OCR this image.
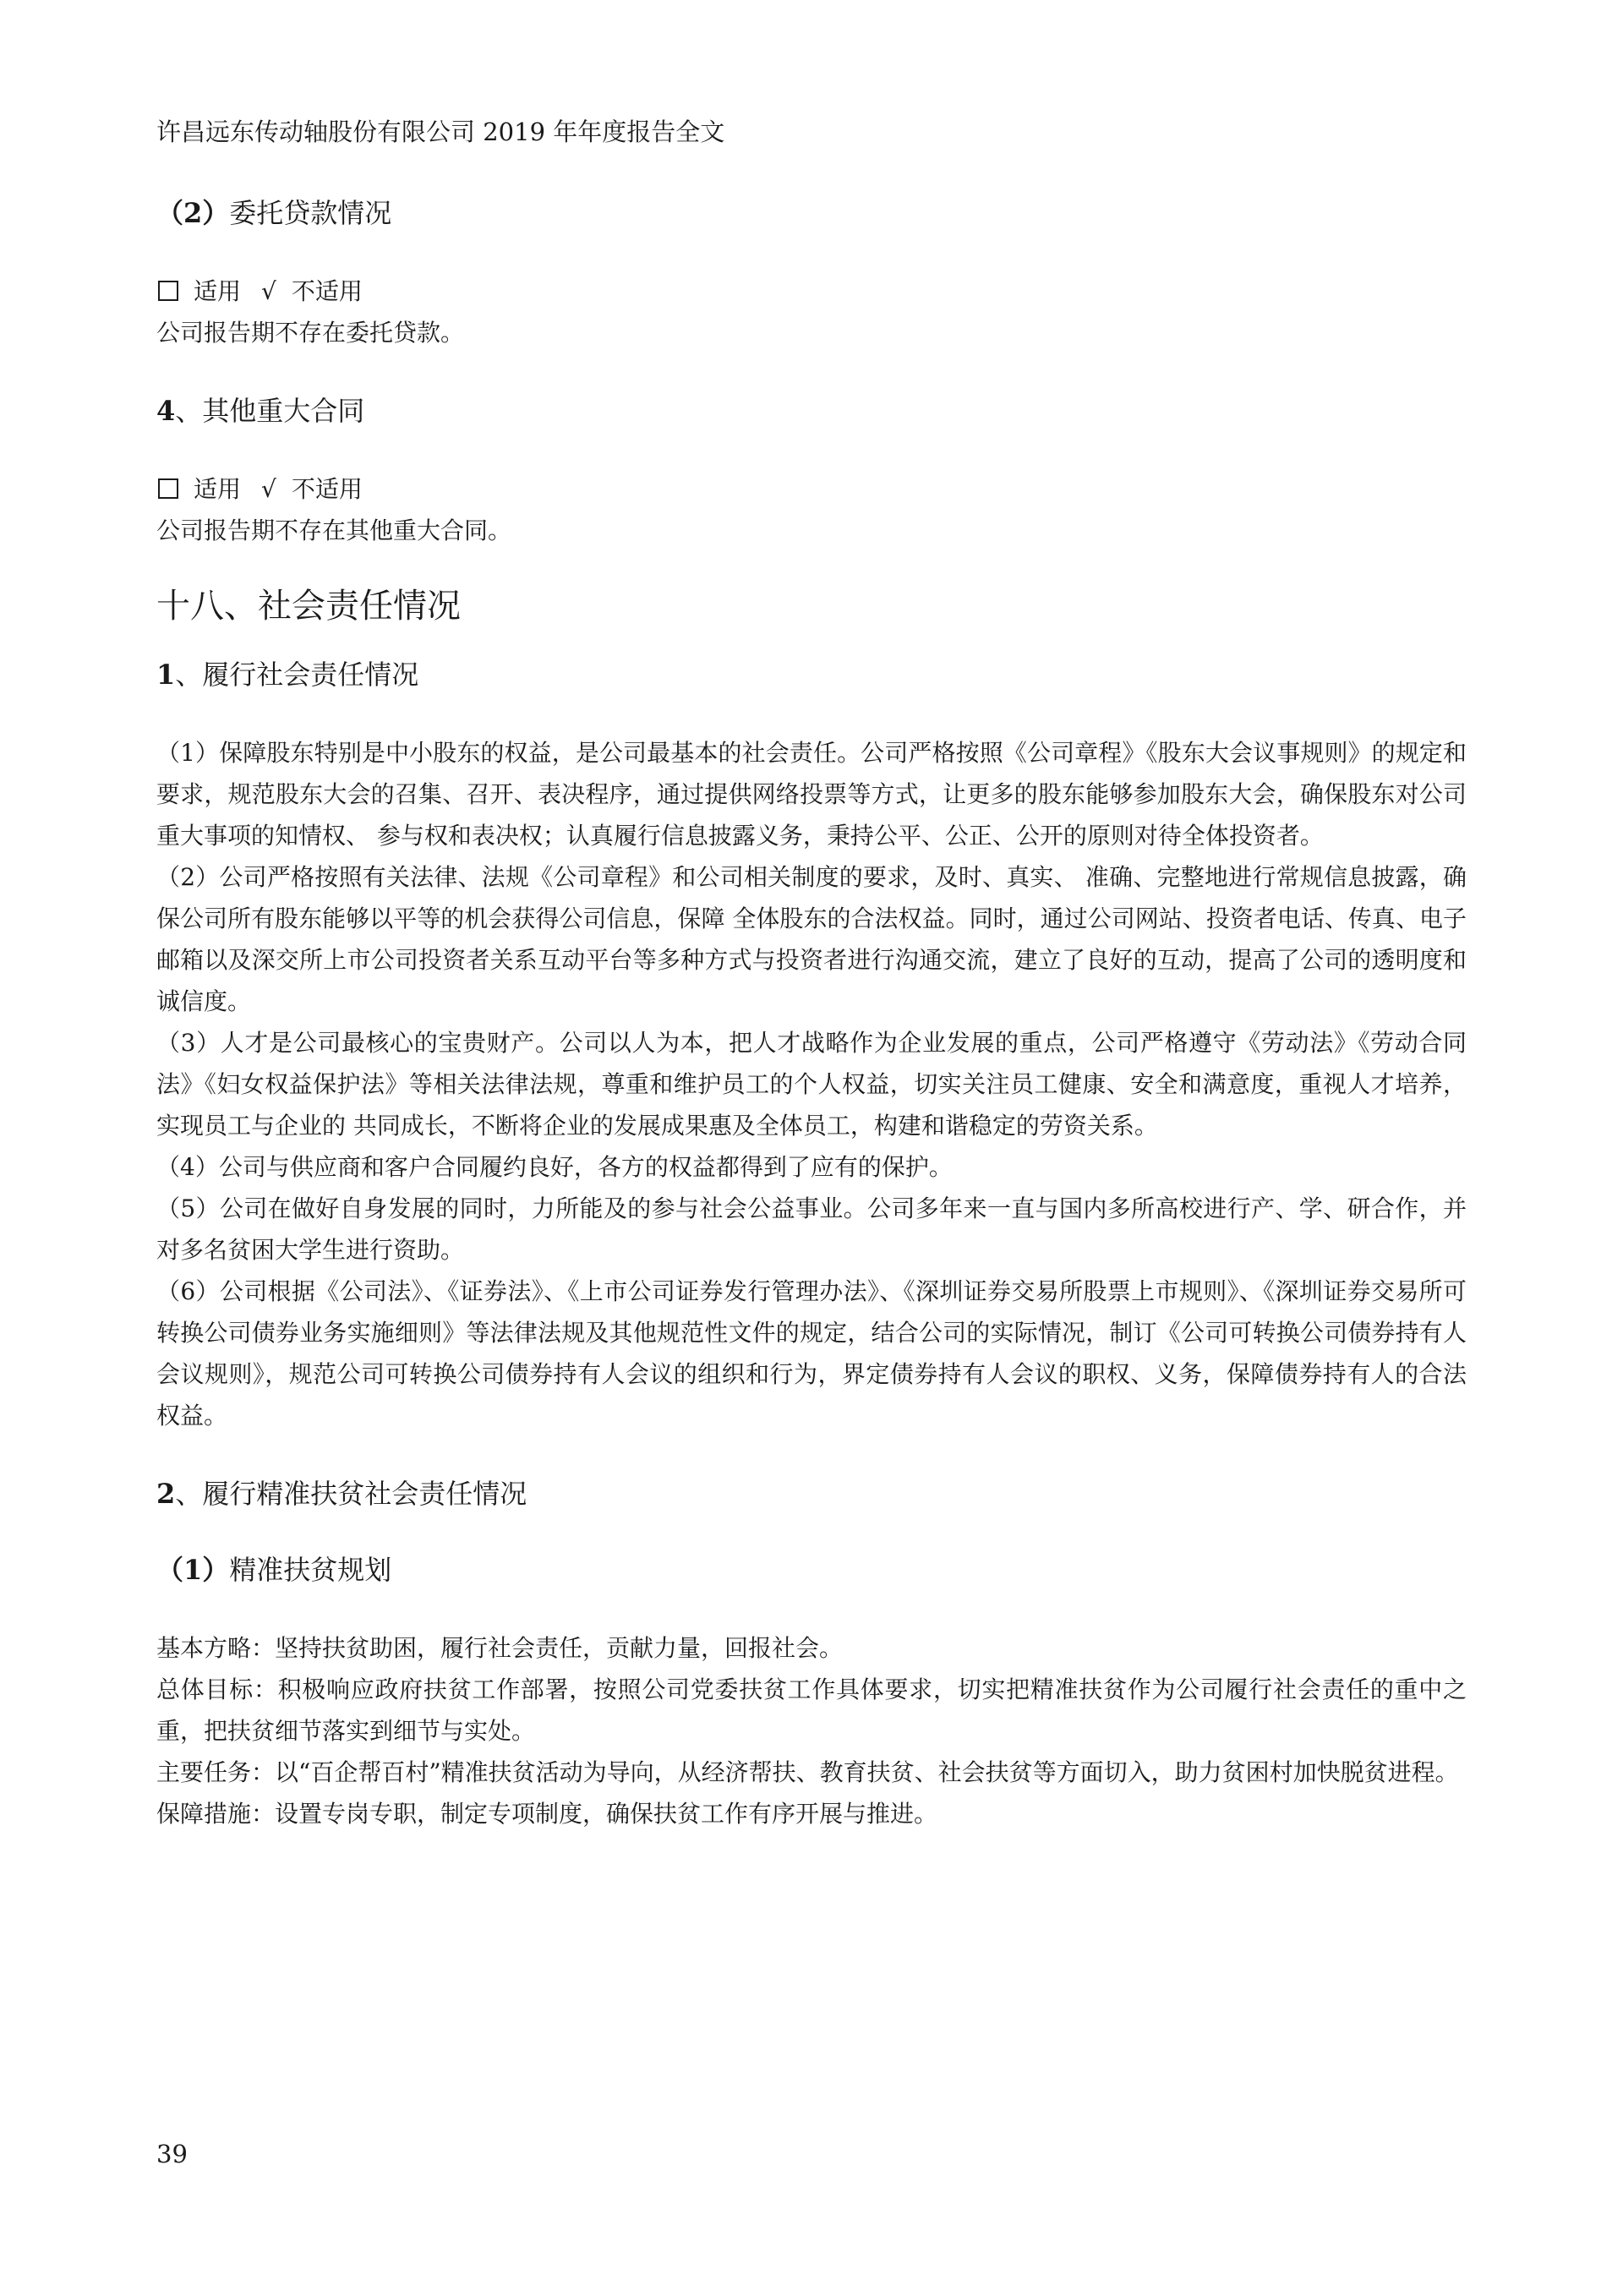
许昌远东传动轴股份有限公司 2019 年年度报告全文
（2）委托贷款情况
适用 √ 不适用
公司报告期不存在委托贷款。
4、其他重大合同
适用 √ 不适用
公司报告期不存在其他重大合同。
十八、社会责任情况
1、履行社会责任情况
（1）保障股东特别是中小股东的权益，是公司最基本的社会责任。公司严格按照《公司章程》《股东大会议事规则》的规定和要求，规范股东大会的召集、召开、表决程序，通过提供网络投票等方式，让更多的股东能够参加股东大会，确保股东对公司重大事项的知情权、 参与权和表决权；认真履行信息披露义务，秉持公平、公正、公开的原则对待全体投资者。
（2）公司严格按照有关法律、法规《公司章程》和公司相关制度的要求，及时、真实、 准确、完整地进行常规信息披露，确保公司所有股东能够以平等的机会获得公司信息，保障 全体股东的合法权益。同时，通过公司网站、投资者电话、传真、电子邮箱以及深交所上市公司投资者关系互动平台等多种方式与投资者进行沟通交流，建立了良好的互动，提高了公司的透明度和诚信度。
（3）人才是公司最核心的宝贵财产。公司以人为本，把人才战略作为企业发展的重点，公司严格遵守《劳动法》《劳动合同法》《妇女权益保护法》等相关法律法规，尊重和维护员工的个人权益，切实关注员工健康、安全和满意度，重视人才培养，实现员工与企业的 共同成长，不断将企业的发展成果惠及全体员工，构建和谐稳定的劳资关系。
（4）公司与供应商和客户合同履约良好，各方的权益都得到了应有的保护。
（5）公司在做好自身发展的同时，力所能及的参与社会公益事业。公司多年来一直与国内多所高校进行产、学、研合作，并对多名贫困大学生进行资助。
（6）公司根据《公司法》、《证券法》、《上市公司证券发行管理办法》、《深圳证券交易所股票上市规则》、《深圳证券交易所可转换公司债券业务实施细则》等法律法规及其他规范性文件的规定，结合公司的实际情况，制订《公司可转换公司债券持有人会议规则》，规范公司可转换公司债券持有人会议的组织和行为，界定债券持有人会议的职权、义务，保障债券持有人的合法权益。
2、履行精准扶贫社会责任情况
（1）精准扶贫规划
基本方略：坚持扶贫助困，履行社会责任，贡献力量，回报社会。
总体目标：积极响应政府扶贫工作部署，按照公司党委扶贫工作具体要求，切实把精准扶贫作为公司履行社会责任的重中之重，把扶贫细节落实到细节与实处。
主要任务：以“百企帮百村”精准扶贫活动为导向，从经济帮扶、教育扶贫、社会扶贫等方面切入，助力贫困村加快脱贫进程。
保障措施：设置专岗专职，制定专项制度，确保扶贫工作有序开展与推进。
39
